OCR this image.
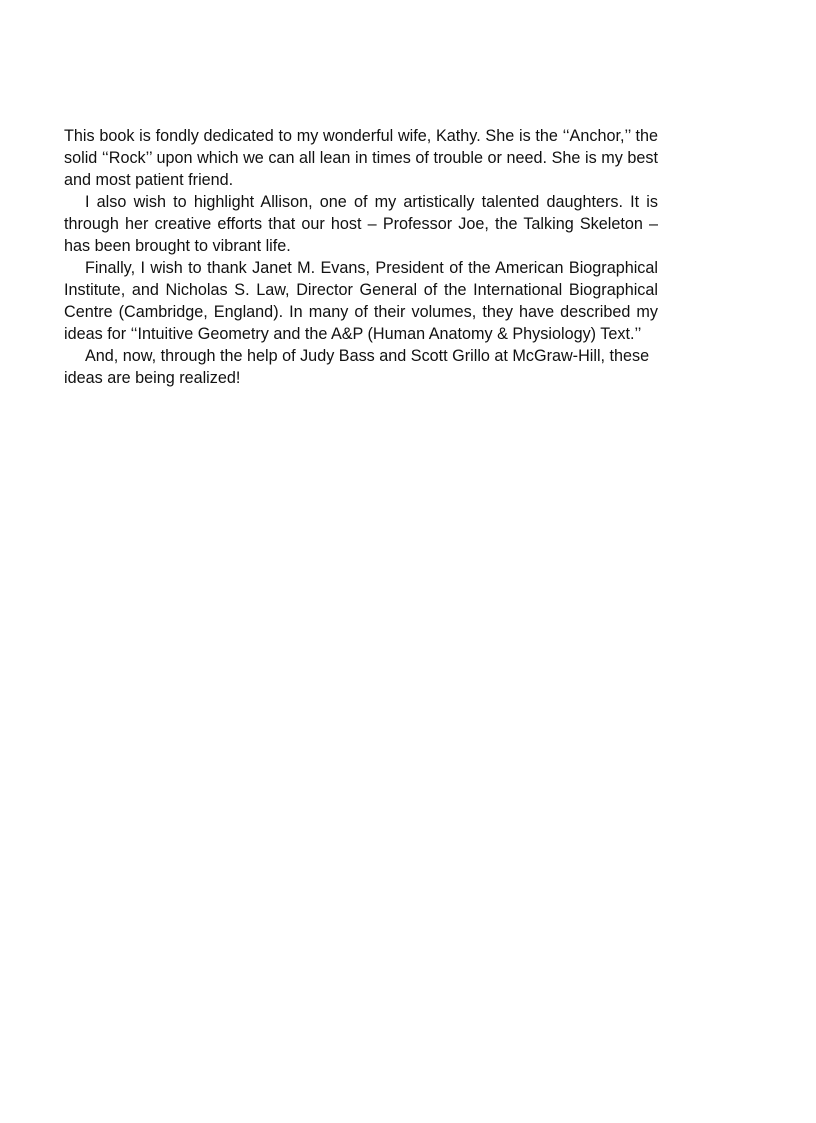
This book is fondly dedicated to my wonderful wife, Kathy. She is the ‘‘Anchor,’’ the solid ‘‘Rock’’ upon which we can all lean in times of trouble or need. She is my best and most patient friend.

I also wish to highlight Allison, one of my artistically talented daughters. It is through her creative efforts that our host – Professor Joe, the Talking Skeleton – has been brought to vibrant life.

Finally, I wish to thank Janet M. Evans, President of the American Biographical Institute, and Nicholas S. Law, Director General of the International Biographical Centre (Cambridge, England). In many of their volumes, they have described my ideas for ‘‘Intuitive Geometry and the A&P (Human Anatomy & Physiology) Text.’’

And, now, through the help of Judy Bass and Scott Grillo at McGraw-Hill, these ideas are being realized!
